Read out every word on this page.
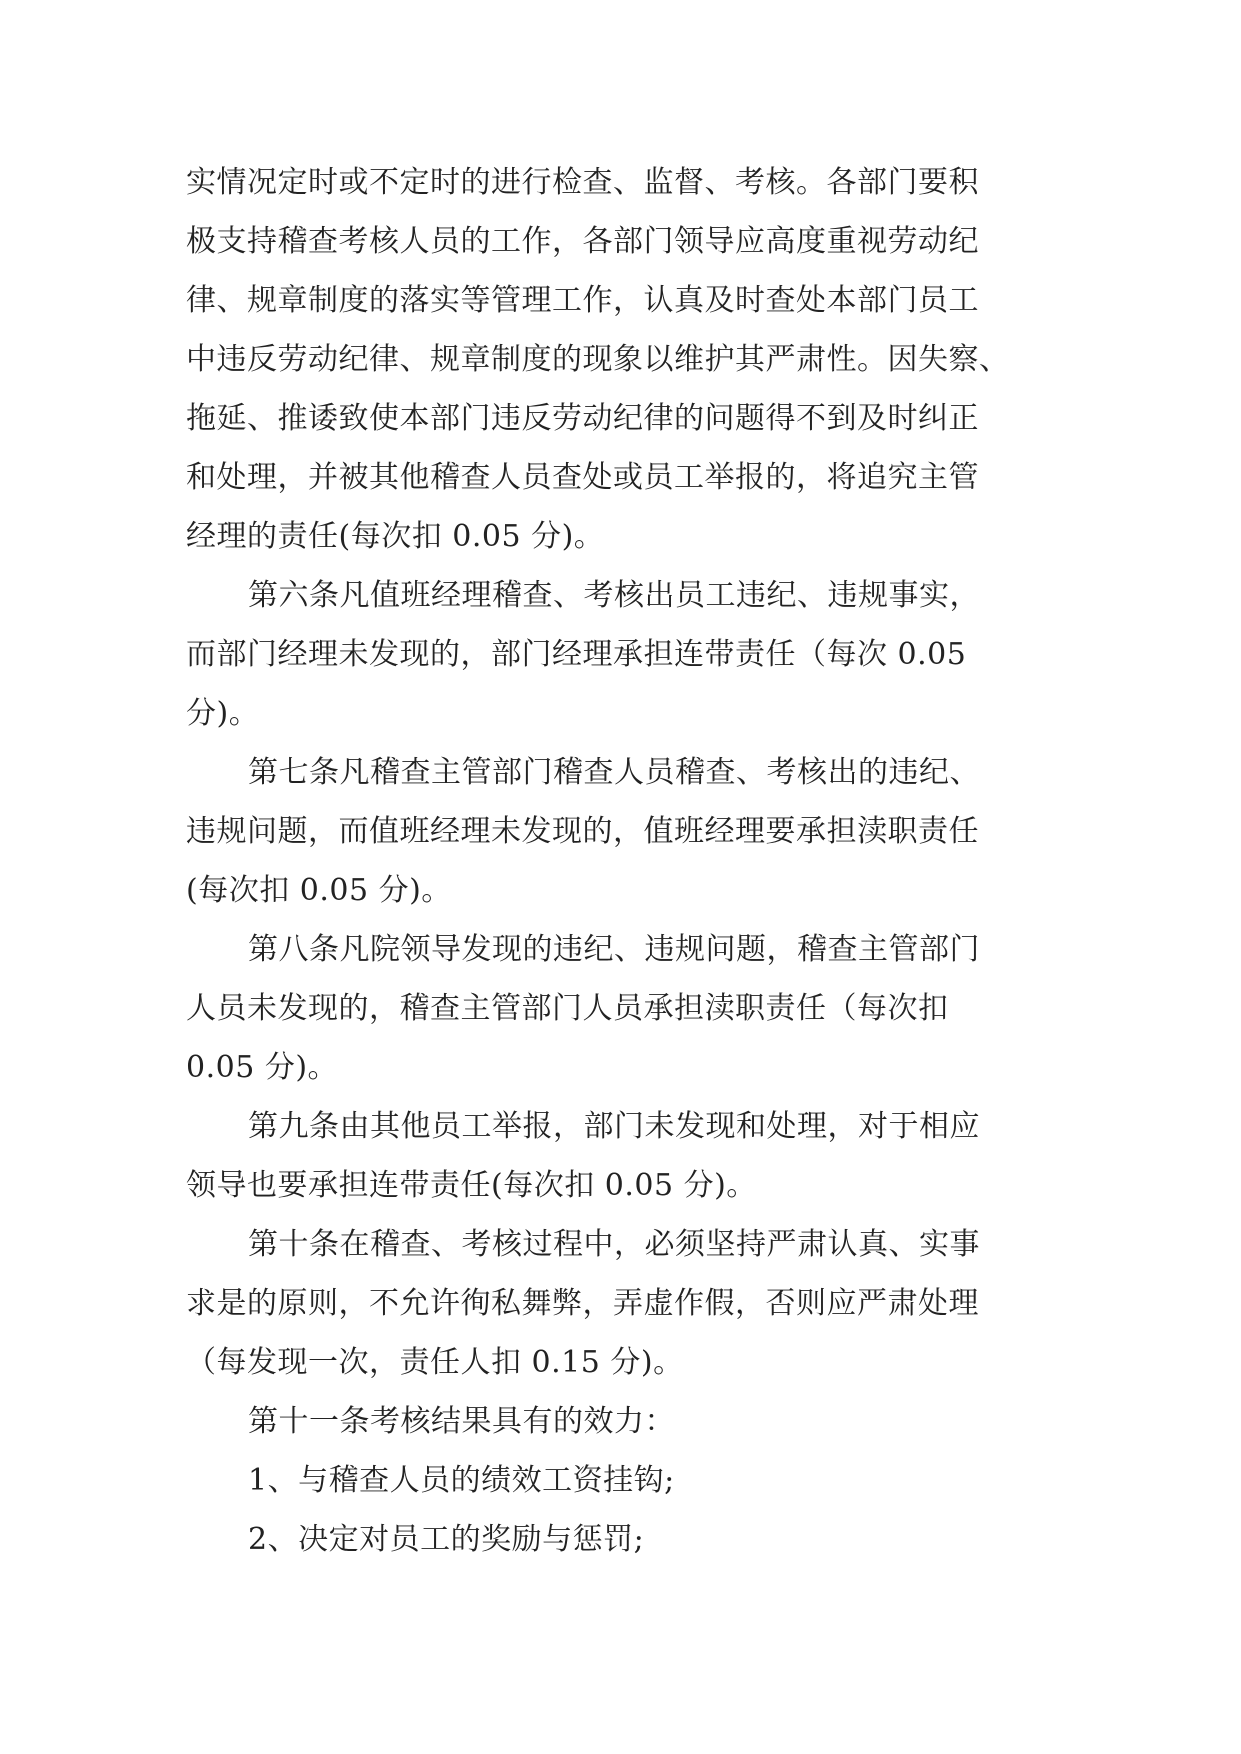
实情况定时或不定时的进行检查、监督、考核。各部门要积
极支持稽查考核人员的工作，各部门领导应高度重视劳动纪
律、规章制度的落实等管理工作，认真及时查处本部门员工
中违反劳动纪律、规章制度的现象以维护其严肃性。因失察、
拖延、推诿致使本部门违反劳动纪律的问题得不到及时纠正
和处理，并被其他稽查人员查处或员工举报的，将追究主管
经理的责任(每次扣 0.05 分)。
第六条凡值班经理稽查、考核出员工违纪、违规事实，
而部门经理未发现的，部门经理承担连带责任（每次 0.05
分)。
第七条凡稽查主管部门稽查人员稽查、考核出的违纪、
违规问题，而值班经理未发现的，值班经理要承担渎职责任
(每次扣 0.05 分)。
第八条凡院领导发现的违纪、违规问题，稽查主管部门
人员未发现的，稽查主管部门人员承担渎职责任（每次扣
0.05 分)。
第九条由其他员工举报，部门未发现和处理，对于相应
领导也要承担连带责任(每次扣 0.05 分)。
第十条在稽查、考核过程中，必须坚持严肃认真、实事
求是的原则，不允许徇私舞弊，弄虚作假，否则应严肃处理
（每发现一次，责任人扣 0.15 分)。
第十一条考核结果具有的效力：
1、与稽查人员的绩效工资挂钩;
2、决定对员工的奖励与惩罚;
